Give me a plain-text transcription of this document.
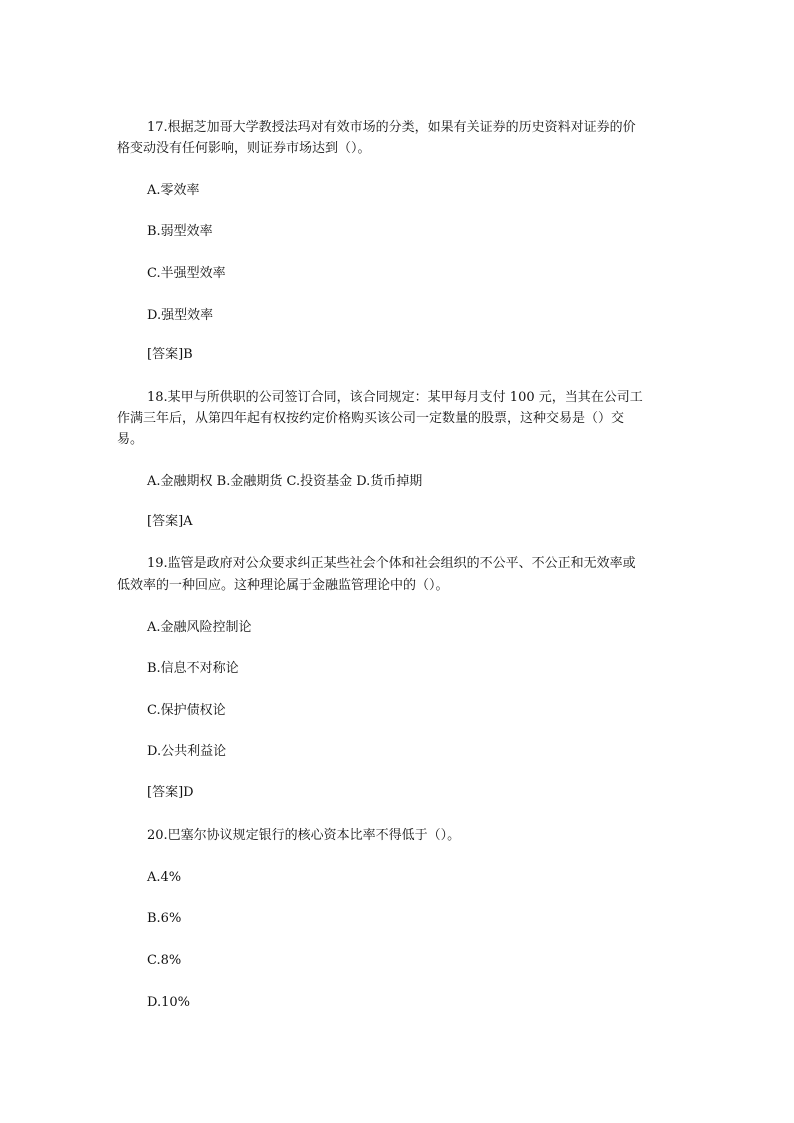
17.根据芝加哥大学教授法玛对有效市场的分类，如果有关证券的历史资料对证券的价
格变动没有任何影响，则证券市场达到（）。
A.零效率
B.弱型效率
C.半强型效率
D.强型效率
[答案]B
18.某甲与所供职的公司签订合同，该合同规定：某甲每月支付 100 元，当其在公司工
作满三年后，从第四年起有权按约定价格购买该公司一定数量的股票，这种交易是（）交
易。
A.金融期权 B.金融期货 C.投资基金 D.货币掉期
[答案]A
19.监管是政府对公众要求纠正某些社会个体和社会组织的不公平、不公正和无效率或
低效率的一种回应。这种理论属于金融监管理论中的（）。
A.金融风险控制论
B.信息不对称论
C.保护债权论
D.公共利益论
[答案]D
20.巴塞尔协议规定银行的核心资本比率不得低于（）。
A.4%
B.6%
C.8%
D.10%
